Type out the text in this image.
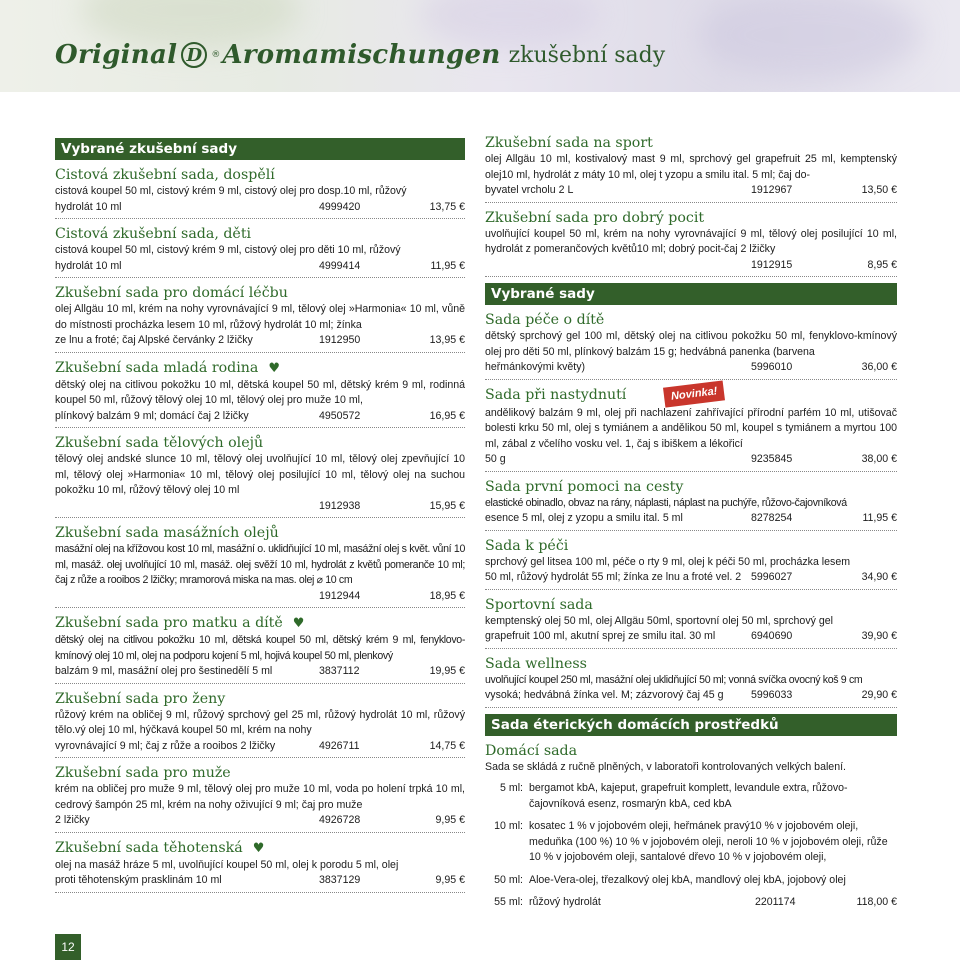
Original D	® Aromamischungen zkušební sady
Vybrané zkušební sady
Cistová zkušební sada, dospělí
cistová koupel 50 ml, cistový krém 9 ml, cistový olej pro dosp.10 ml, růžový
hydrolát 10 ml	4999420	13,75 €
Cistová zkušební sada, děti
cistová koupel 50 ml, cistový krém 9 ml, cistový olej pro děti 10 ml, růžový
hydrolát 10 ml	4999414	11,95 €
Zkušební sada pro domácí léčbu
olej Allgäu 10 ml, krém na nohy vyrovnávající 9 ml, tělový olej »Harmonia« 10 ml, vůně do místnosti procházka lesem 10 ml, růžový hydrolát 10 ml; žínka
ze lnu a froté; čaj Alpské červánky 2 lžičky	1912950	13,95 €
Zkušební sada mladá rodina ♥
dětský olej na citlivou pokožku 10 ml, dětská koupel 50 ml, dětský krém 9 ml, rodinná koupel 50 ml, růžový tělový olej 10 ml, tělový olej pro muže 10 ml,
plínkový balzám 9 ml; domácí čaj 2 lžičky	4950572	16,95 €
Zkušební sada tělových olejů
tělový olej andské slunce 10 ml, tělový olej uvolňující 10 ml, tělový olej zpevňující 10 ml, tělový olej »Harmonia« 10 ml, tělový olej posilující 10 ml, tělový olej na suchou pokožku 10 ml, růžový tělový olej 10 ml
1912938	15,95 €
Zkušební sada masážních olejů
masážní olej na křížovou kost 10 ml, masážní o. uklidňující 10 ml, masážní olej s květ. vůní 10 ml, masáž. olej uvolňující 10 ml, masáž. olej svěží 10 ml, hydrolát z květů pomeranče 10 ml; čaj z růže a rooibos 2 lžičky; mramorová miska na mas. olej ⌀ 10 cm
1912944	18,95 €
Zkušební sada pro matku a dítě ♥
dětský olej na citlivou pokožku 10 ml, dětská koupel 50 ml, dětský krém 9 ml, fenyklovo-kmínový olej 10 ml, olej na podporu kojení 5 ml, hojivá koupel 50 ml, plenkový
balzám 9 ml, masážní olej pro šestinedělí 5 ml	3837112	19,95 €
Zkušební sada pro ženy
růžový krém na obličej 9 ml, růžový sprchový gel 25 ml, růžový hydrolát 10 ml, růžový tělo.vý olej 10 ml, hýčkavá koupel 50 ml, krém na nohy
vyrovnávající 9 ml; čaj z růže a rooibos 2 lžičky	4926711	14,75 €
Zkušební sada pro muže
krém na obličej pro muže 9 ml, tělový olej pro muže 10 ml, voda po holení trpká 10 ml, cedrový šampón 25 ml, krém na nohy oživující 9 ml; čaj pro muže
2 lžičky	4926728	9,95 €
Zkušební sada těhotenská ♥
olej na masáž hráze 5 ml, uvolňující koupel 50 ml, olej k porodu 5 ml, olej
proti těhotenským prasklinám 10 ml	3837129	9,95 €
Zkušební sada na sport
olej Allgäu 10 ml, kostivalový mast 9 ml, sprchový gel grapefruit 25 ml, kemptenský olej10 ml, hydrolát z máty 10 ml, olej t yzopu a smilu ital. 5 ml; čaj do-
byvatel vrcholu 2 L	1912967	13,50 €
Zkušební sada pro dobrý pocit
uvolňující koupel 50 ml, krém na nohy vyrovnávající 9 ml, tělový olej posilující 10 ml, hydrolát z pomerančových květů10 ml; dobrý pocit-čaj 2 lžičky
1912915	8,95 €
Vybrané sady
Sada péče o dítě
dětský sprchový gel 100 ml, dětský olej na citlivou pokožku 50 ml, fenyklovo-kmínový olej pro děti 50 ml, plínkový balzám 15 g; hedvábná panenka (barvena
heřmánkovými květy)	5996010	36,00 €
Sada při nastydnutí	Novinka!
andělikový balzám 9 ml, olej při nachlazení zahřívající přírodní parfém 10 ml, utišovač bolesti krku 50 ml, olej s tymiánem a andělikou 50 ml, koupel s tymiánem a myrtou 100 ml, zábal z včelího vosku vel. 1, čaj s ibiškem a lékořicí
50 g	9235845	38,00 €
Sada první pomoci na cesty
elastické obinadlo, obvaz na rány, náplasti, náplast na puchýře, růžovo-čajovníková
esence 5 ml, olej z yzopu a smilu ital. 5 ml	8278254	11,95 €
Sada k péči
sprchový gel litsea 100 ml, péče o rty 9 ml, olej k péči 50 ml, procházka lesem
50 ml, růžový hydrolát 55 ml; žínka ze lnu a froté vel. 2 5996027	34,90 €
Sportovní sada
kemptenský olej 50 ml, olej Allgäu 50ml, sportovní olej 50 ml, sprchový gel
grapefruit 100 ml, akutní sprej ze smilu ital. 30 ml	6940690	39,90 €
Sada wellness
uvolňující koupel 250 ml, masážní olej uklidňující 50 ml; vonná svíčka ovocný koš 9 cm
vysoká; hedvábná žínka vel. M; zázvorový čaj 45 g	5996033	29,90 €
Sada éterických domácích prostředků
Domácí sada
Sada se skládá z ručně plněných, v laboratoři kontrolovaných velkých balení.
5 ml: bergamot kbA, kajeput, grapefruit komplett, levandule extra, růžovo-čajovníková esenz, rosmarýn kbA, ced kbA
10 ml: kosatec 1 % v jojobovém oleji, heřmánek pravý10 % v jojobovém oleji, meduňka (100 %) 10 % v jojobovém oleji, neroli 10 % v jojobovém oleji, růže 10 % v jojobovém oleji, santalové dřevo 10 % v jojobovém oleji,
50 ml: Aloe-Vera-olej, třezalkový olej kbA, mandlový olej kbA, jojobový olej
55 ml: růžový hydrolát	2201174	118,00 €
12
